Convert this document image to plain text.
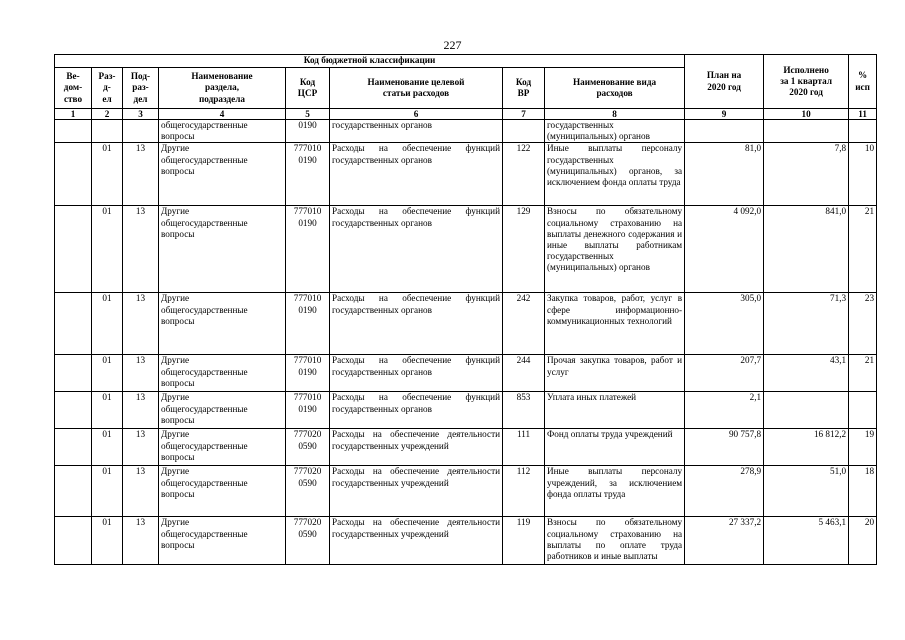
227
Код бюджетной классификации								План на
2020 год	Исполнено
за 1 квартал
2020 год	%
исп
Ве-
дом-
ство	Раз-
д-
ел	Под-
раз-
дел	Наименование
раздела,
подраздела	Код
ЦСР	Наименование целевой
статьи расходов	Код
ВР	Наименование вида
расходов			
1	2	3	4	5	6	7	8	9	10	11
			общегосударственные
вопросы	0190	государственных органов		государственных
(муниципальных) органов			
	01	13	Другие
общегосударственные
вопросы	777010
0190	Расходы на обеспечение функций государственных органов	122	Иные выплаты персоналу государственных (муниципальных) органов, за исключением фонда оплаты труда	81,0	7,8	10
	01	13	Другие
общегосударственные
вопросы	777010
0190	Расходы на обеспечение функций государственных органов	129	Взносы по обязательному социальному страхованию на выплаты денежного содержания и иные выплаты работникам государственных (муниципальных) органов	4 092,0	841,0	21
	01	13	Другие
общегосударственные
вопросы	777010
0190	Расходы на обеспечение функций государственных органов	242	Закупка товаров, работ, услуг в сфере информационно-коммуникационных технологий	305,0	71,3	23
	01	13	Другие
общегосударственные
вопросы	777010
0190	Расходы на обеспечение функций государственных органов	244	Прочая закупка товаров, работ и услуг	207,7	43,1	21
	01	13	Другие
общегосударственные
вопросы	777010
0190	Расходы на обеспечение функций государственных органов	853	Уплата иных платежей	2,1		
	01	13	Другие
общегосударственные
вопросы	777020
0590	Расходы на обеспечение деятельности государственных учреждений	111	Фонд оплаты труда учреждений	90 757,8	16 812,2	19
	01	13	Другие
общегосударственные
вопросы	777020
0590	Расходы на обеспечение деятельности государственных учреждений	112	Иные выплаты персоналу учреждений, за исключением фонда оплаты труда	278,9	51,0	18
	01	13	Другие
общегосударственные
вопросы	777020
0590	Расходы на обеспечение деятельности государственных учреждений	119	Взносы по обязательному социальному страхованию на выплаты по оплате труда работников и иные выплаты	27 337,2	5 463,1	20
